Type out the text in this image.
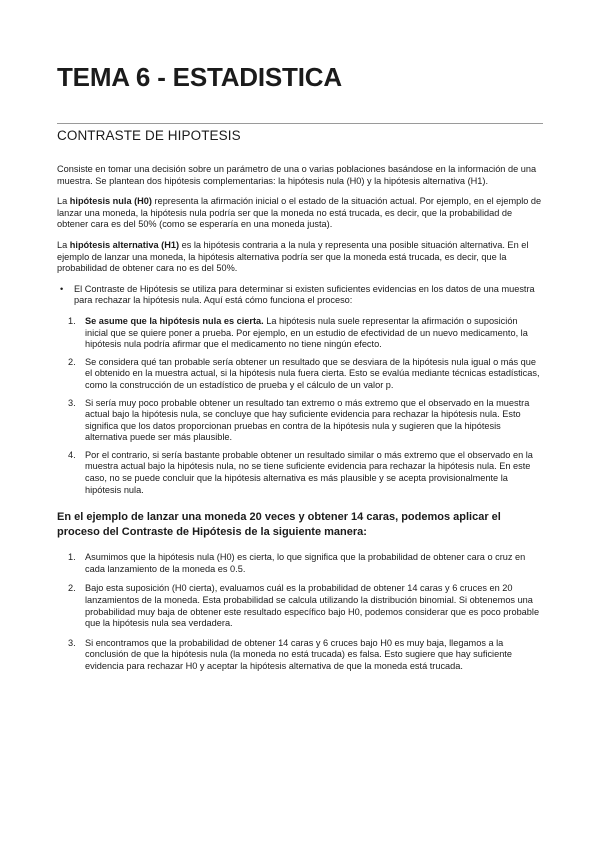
TEMA 6 - ESTADISTICA
CONTRASTE DE HIPOTESIS

Consiste en tomar una decisión sobre un parámetro de una o varias poblaciones basándose en la información de una muestra. Se plantean dos hipótesis complementarias: la hipótesis nula (H0) y la hipótesis alternativa (H1).

La hipótesis nula (H0) representa la afirmación inicial o el estado de la situación actual. Por ejemplo, en el ejemplo de lanzar una moneda, la hipótesis nula podría ser que la moneda no está trucada, es decir, que la probabilidad de obtener cara es del 50% (como se esperaría en una moneda justa).

La hipótesis alternativa (H1) es la hipótesis contraria a la nula y representa una posible situación alternativa. En el ejemplo de lanzar una moneda, la hipótesis alternativa podría ser que la moneda está trucada, es decir, que la probabilidad de obtener cara no es del 50%.

•	El Contraste de Hipótesis se utiliza para determinar si existen suficientes evidencias en los datos de una muestra para rechazar la hipótesis nula. Aquí está cómo funciona el proceso:
1.	Se asume que la hipótesis nula es cierta. La hipótesis nula suele representar la afirmación o suposición inicial que se quiere poner a prueba. Por ejemplo, en un estudio de efectividad de un nuevo medicamento, la hipótesis nula podría afirmar que el medicamento no tiene ningún efecto.
2.	Se considera qué tan probable sería obtener un resultado que se desviara de la hipótesis nula igual o más que el obtenido en la muestra actual, si la hipótesis nula fuera cierta. Esto se evalúa mediante técnicas estadísticas, como la construcción de un estadístico de prueba y el cálculo de un valor p.
3.	Si sería muy poco probable obtener un resultado tan extremo o más extremo que el observado en la muestra actual bajo la hipótesis nula, se concluye que hay suficiente evidencia para rechazar la hipótesis nula. Esto significa que los datos proporcionan pruebas en contra de la hipótesis nula y sugieren que la hipótesis alternativa puede ser más plausible.
4.	Por el contrario, si sería bastante probable obtener un resultado similar o más extremo que el observado en la muestra actual bajo la hipótesis nula, no se tiene suficiente evidencia para rechazar la hipótesis nula. En este caso, no se puede concluir que la hipótesis alternativa es más plausible y se acepta provisionalmente la hipótesis nula.

En el ejemplo de lanzar una moneda 20 veces y obtener 14 caras, podemos aplicar el proceso del Contraste de Hipótesis de la siguiente manera:

1.	Asumimos que la hipótesis nula (H0) es cierta, lo que significa que la probabilidad de obtener cara o cruz en cada lanzamiento de la moneda es 0.5.
2.	Bajo esta suposición (H0 cierta), evaluamos cuál es la probabilidad de obtener 14 caras y 6 cruces en 20 lanzamientos de la moneda. Esta probabilidad se calcula utilizando la distribución binomial. Si obtenemos una probabilidad muy baja de obtener este resultado específico bajo H0, podemos considerar que es poco probable que la hipótesis nula sea verdadera.
3.	Si encontramos que la probabilidad de obtener 14 caras y 6 cruces bajo H0 es muy baja, llegamos a la conclusión de que la hipótesis nula (la moneda no está trucada) es falsa. Esto sugiere que hay suficiente evidencia para rechazar H0 y aceptar la hipótesis alternativa de que la moneda está trucada.
